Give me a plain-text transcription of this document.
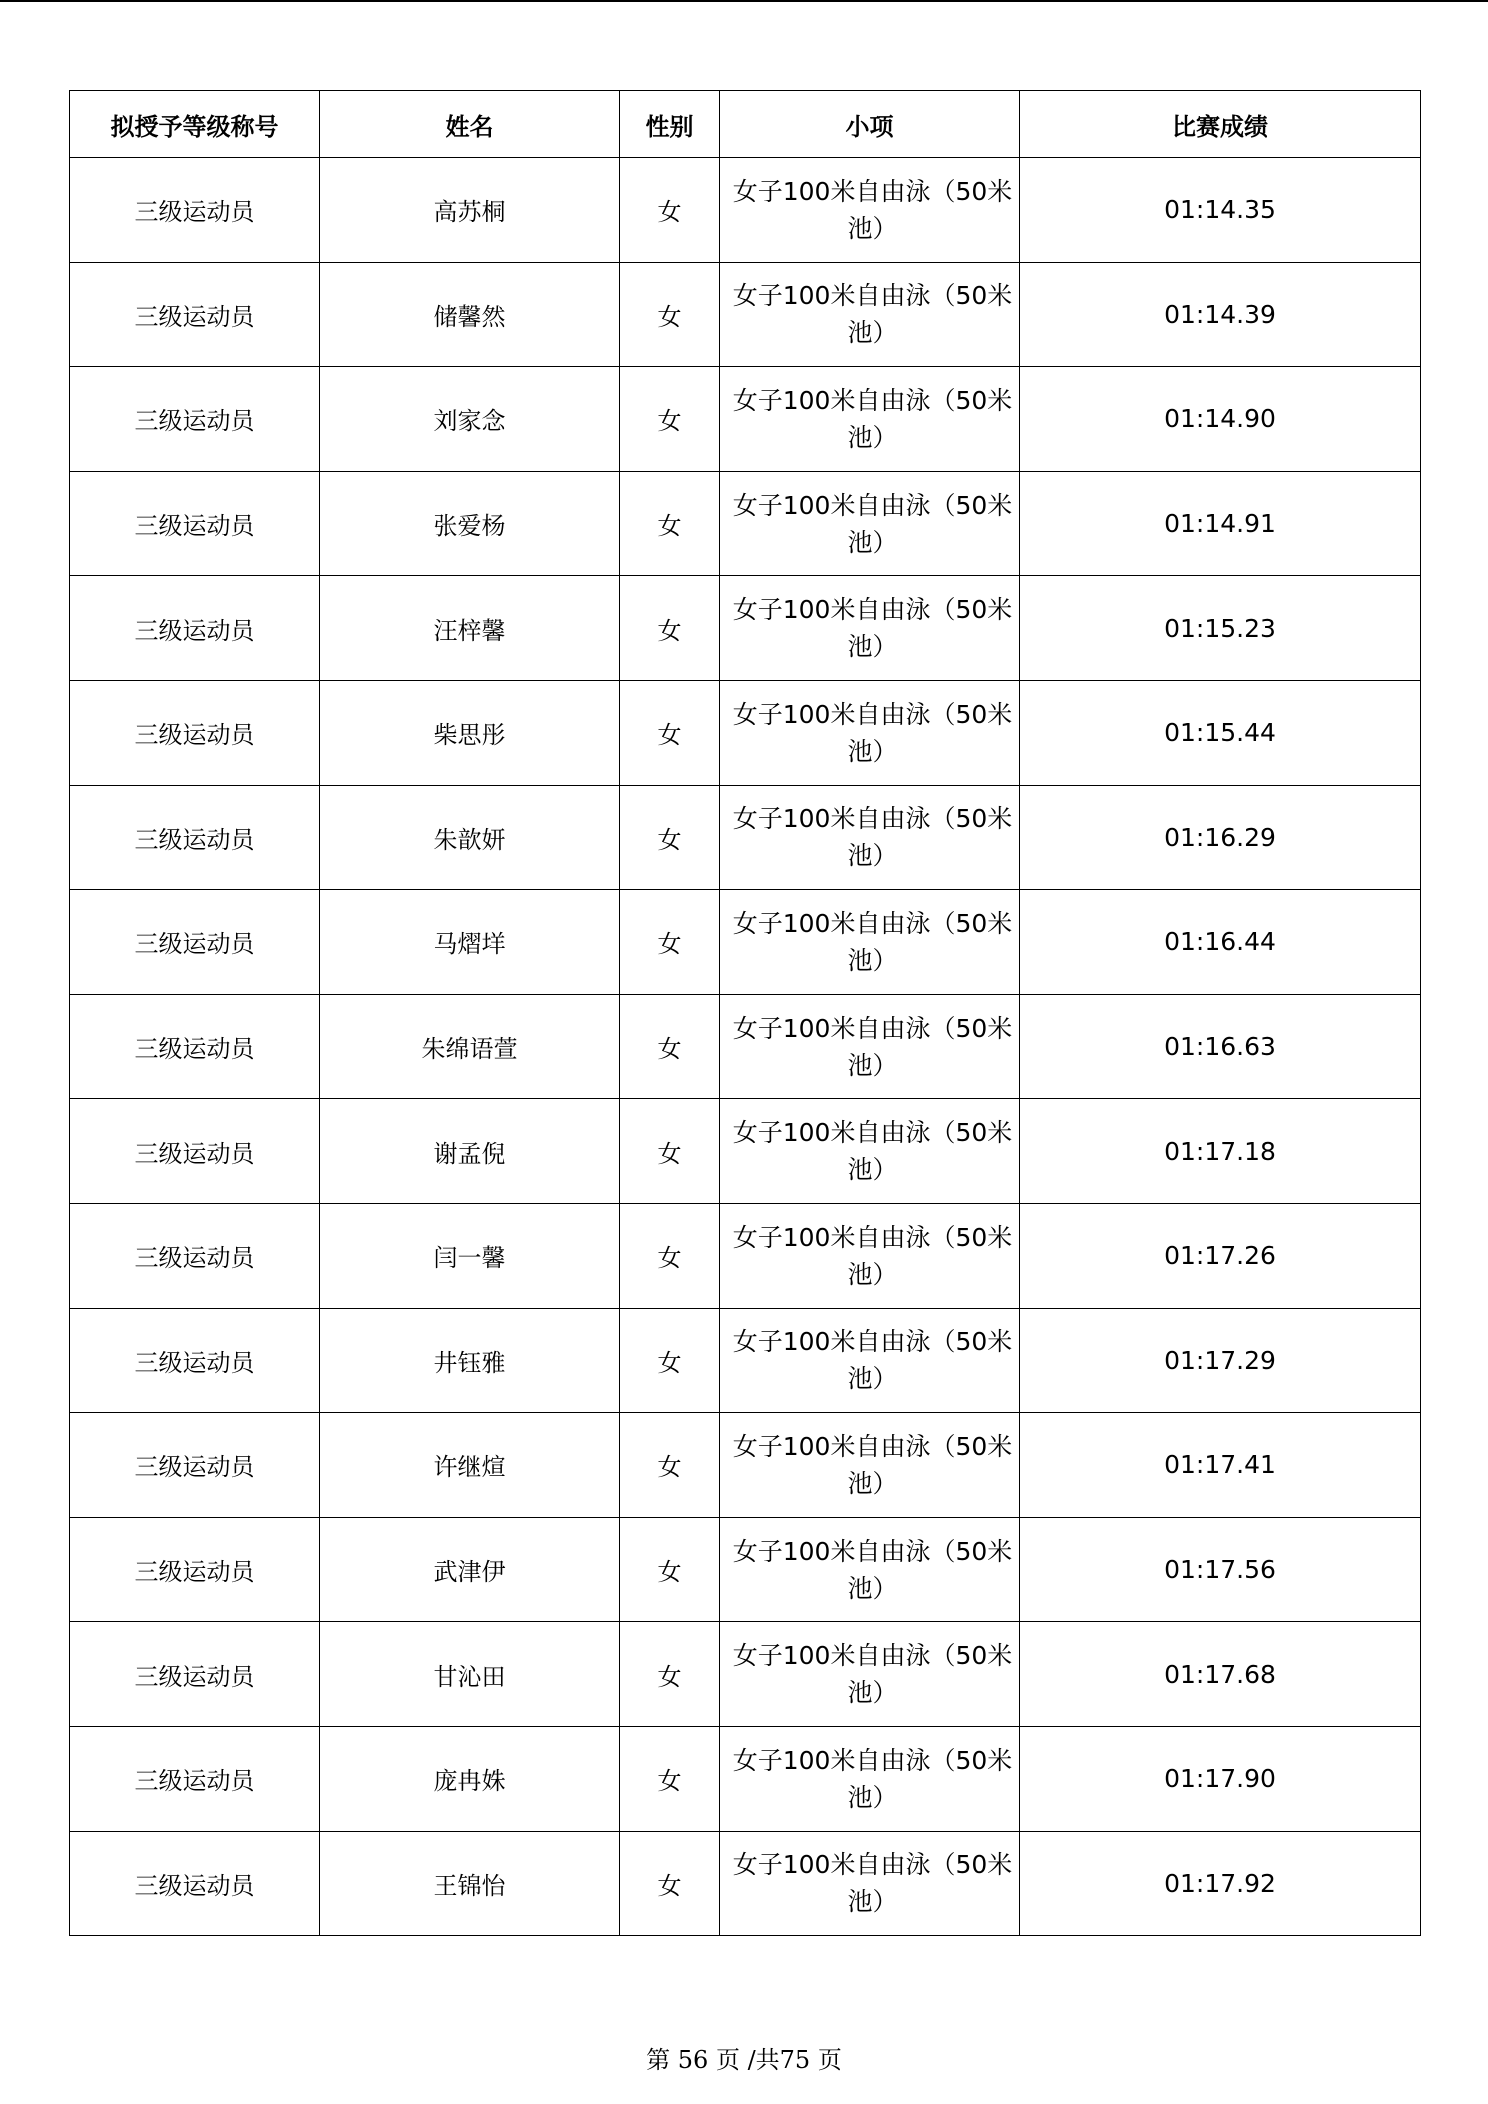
拟授予等级称号	姓名	性别	小项	比赛成绩
三级运动员	高苏桐	女	女子100米自由泳（50米池）	01:14.35
三级运动员	储馨然	女	女子100米自由泳（50米池）	01:14.39
三级运动员	刘家念	女	女子100米自由泳（50米池）	01:14.90
三级运动员	张爱杨	女	女子100米自由泳（50米池）	01:14.91
三级运动员	汪梓馨	女	女子100米自由泳（50米池）	01:15.23
三级运动员	柴思彤	女	女子100米自由泳（50米池）	01:15.44
三级运动员	朱歆妍	女	女子100米自由泳（50米池）	01:16.29
三级运动员	马熠垟	女	女子100米自由泳（50米池）	01:16.44
三级运动员	朱绵语萱	女	女子100米自由泳（50米池）	01:16.63
三级运动员	谢孟倪	女	女子100米自由泳（50米池）	01:17.18
三级运动员	闫一馨	女	女子100米自由泳（50米池）	01:17.26
三级运动员	井钰雅	女	女子100米自由泳（50米池）	01:17.29
三级运动员	许继煊	女	女子100米自由泳（50米池）	01:17.41
三级运动员	武津伊	女	女子100米自由泳（50米池）	01:17.56
三级运动员	甘沁田	女	女子100米自由泳（50米池）	01:17.68
三级运动员	庞冉姝	女	女子100米自由泳（50米池）	01:17.90
三级运动员	王锦怡	女	女子100米自由泳（50米池）	01:17.92
第 56 页 /共75 页
